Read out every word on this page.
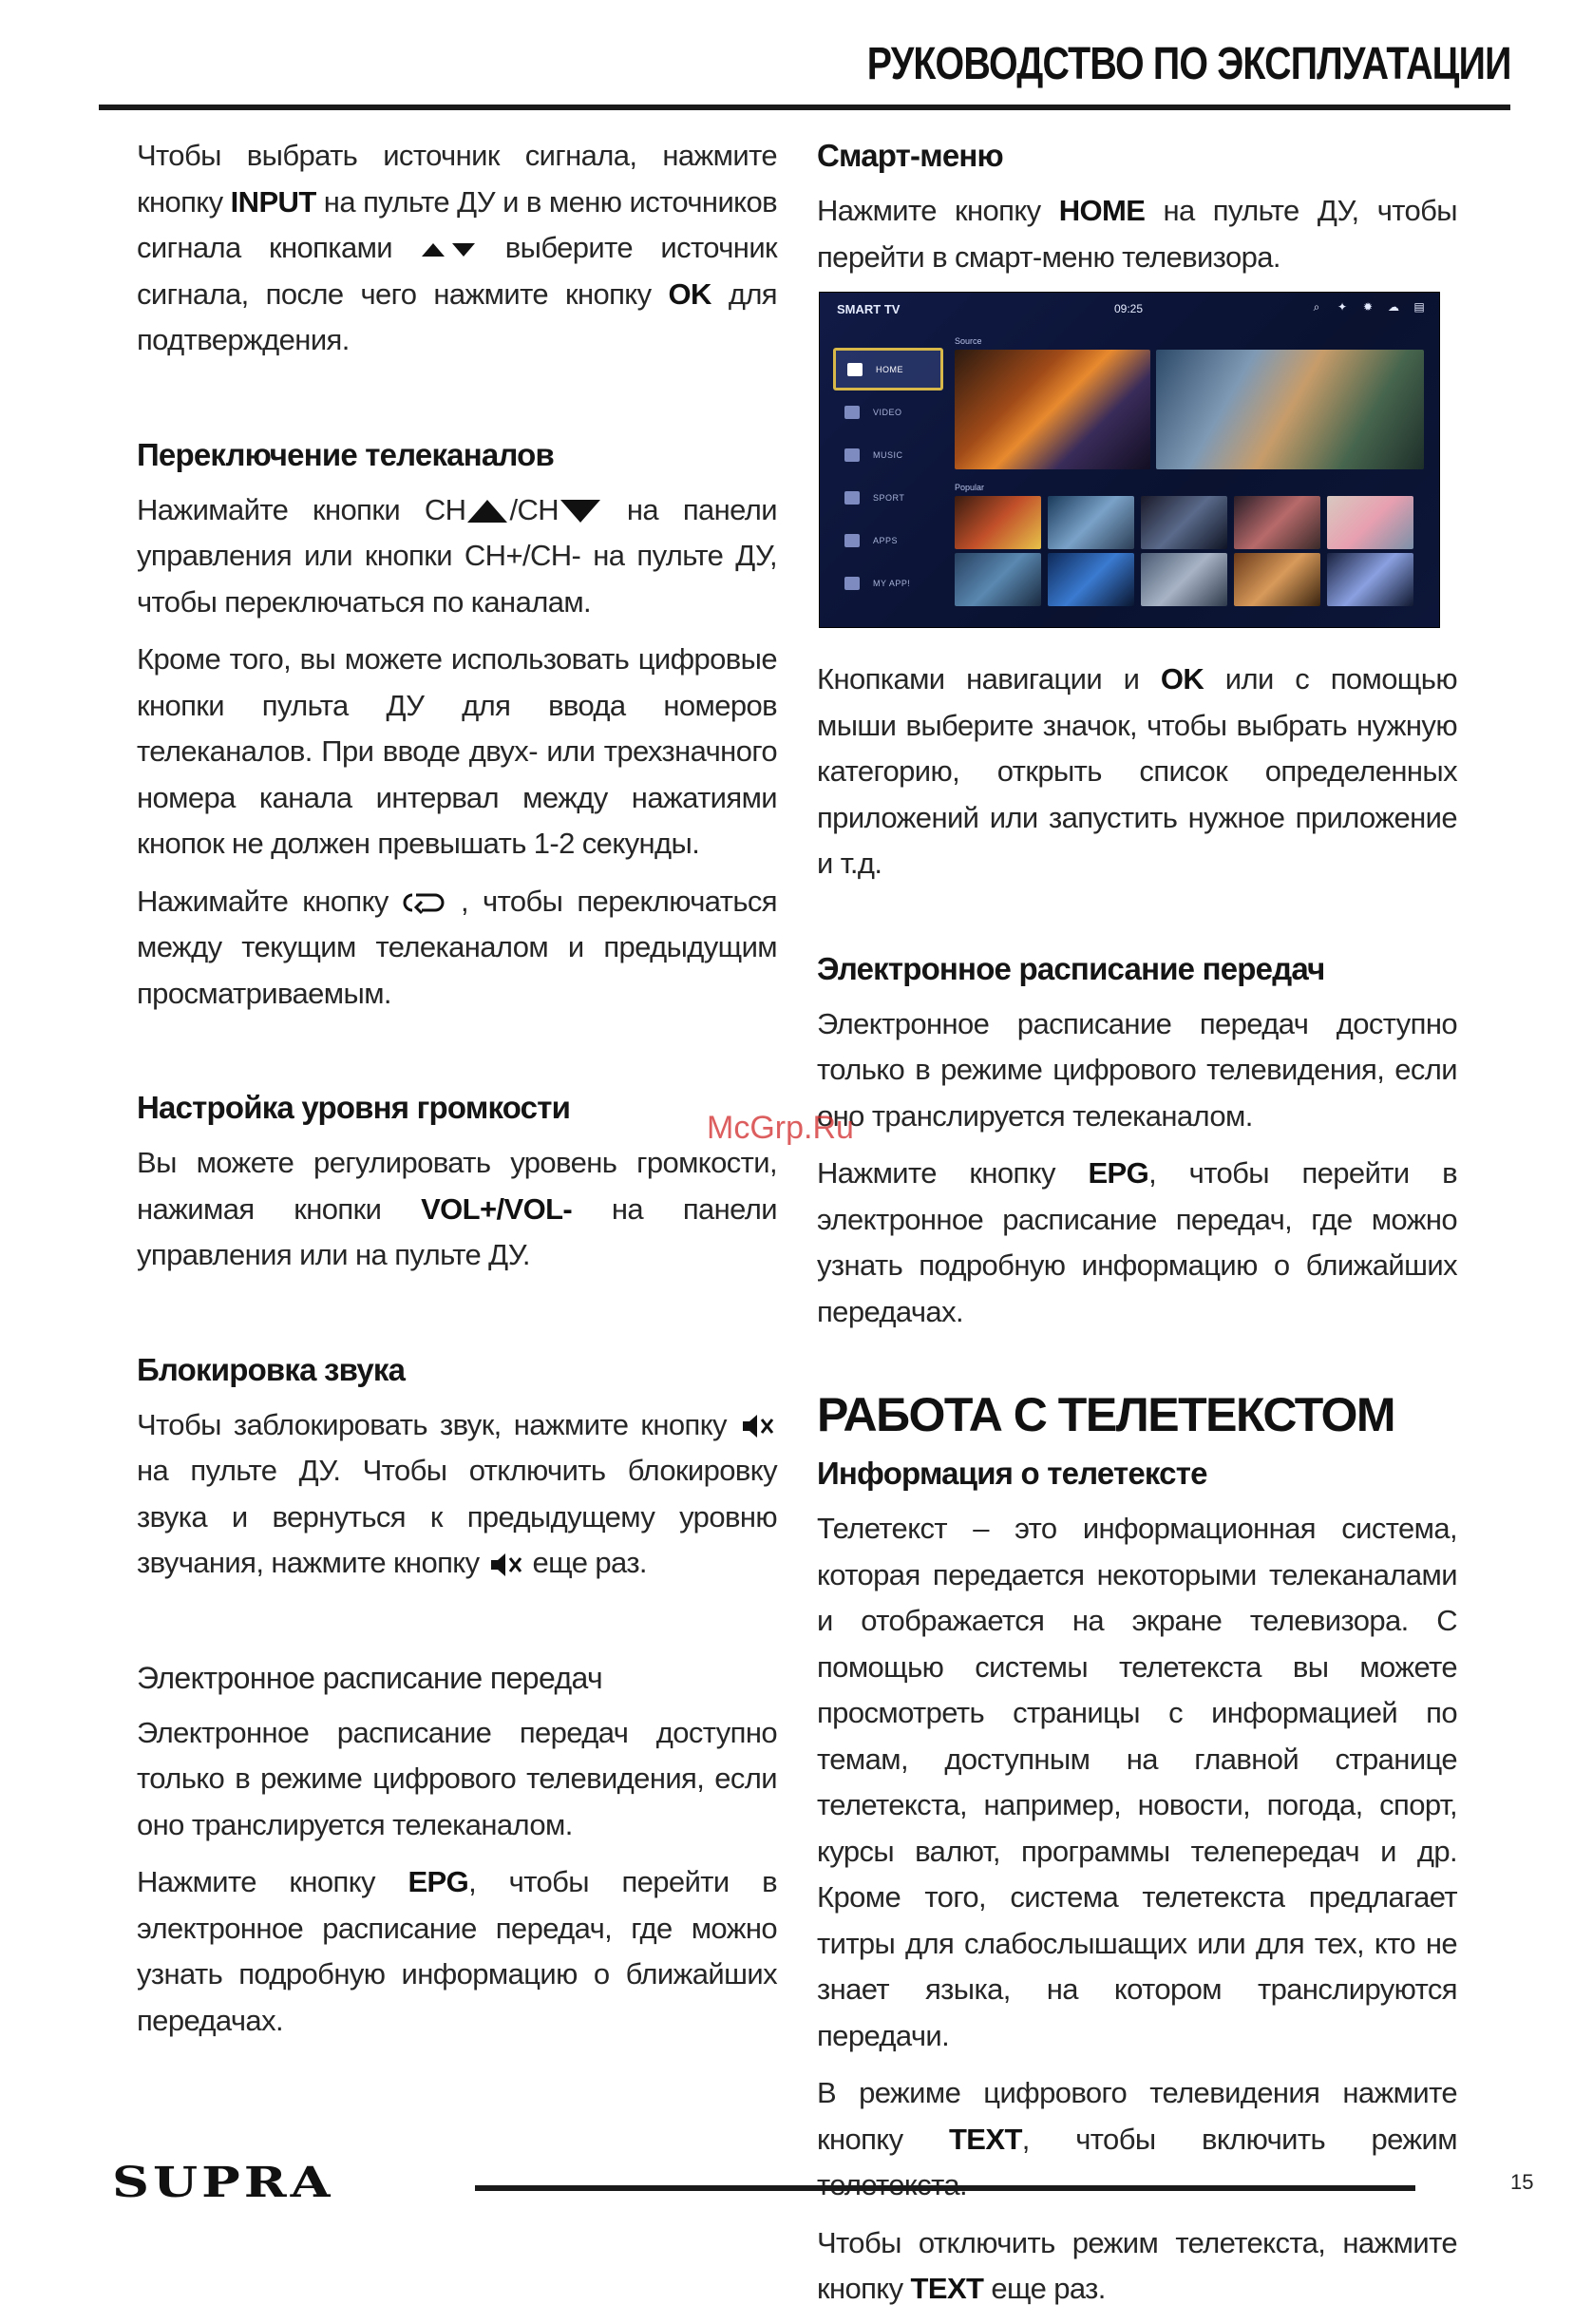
РУКОВОДСТВО ПО ЭКСПЛУАТАЦИИ

Чтобы выбрать источник сигнала, нажмите кнопку INPUT на пульте ДУ и в меню источников сигнала кнопками	выберите источник сигнала, после чего нажмите кнопку OK для подтверждения.

Переключение телеканалов

Нажимайте кнопки СН /СН на панели управления или кнопки CH+/CH- на пульте ДУ, чтобы переключаться по каналам.

Кроме того, вы можете использовать цифровые кнопки пульта ДУ для ввода номеров телеканалов. При вводе двух- или трехзначного номера канала интервал между нажатиями кнопок не должен превышать 1-2 секунды.

Нажимайте кнопку  , чтобы переключаться между текущим телеканалом и предыдущим просматриваемым.

Настройка уровня громкости

Вы можете регулировать уровень громкости, нажимая кнопки VOL+/VOL- на панели управления или на пульте ДУ.

Блокировка звука

Чтобы заблокировать звук, нажмите кнопку  на пульте ДУ. Чтобы отключить блокировку звука и вернуться к предыдущему уровню звучания, нажмите кнопку  еще раз.

Электронное расписание передач

Электронное расписание передач доступно только в режиме цифрового телевидения, если оно транслируется телеканалом.

Нажмите кнопку EPG, чтобы перейти в электронное расписание передач, где можно узнать подробную информацию о ближайших передачах.

Смарт-меню

Нажмите кнопку HOME на пульте ДУ, чтобы перейти в смарт-меню телевизора.

SMART TV	09:25	⌕	✦ ✹ ☁ ▤
HOME
VIDEO
MUSIC
SPORT
APPS
MY APP!
Source
Popular

Кнопками навигации и OK или с помощью мыши выберите значок, чтобы выбрать нужную категорию, открыть список определенных приложений или запустить нужное приложение и т.д.

Электронное расписание передач

Электронное расписание передач доступно только в режиме цифрового телевидения, если оно транслируется телеканалом.

Нажмите кнопку EPG, чтобы перейти в электронное расписание передач, где можно узнать подробную информацию о ближайших передачах.

РАБОТА С ТЕЛЕТЕКСТОМ
Информация о телетексте

Телетекст – это информационная система, которая передается некоторыми телеканалами и отображается на экране телевизора. С помощью системы телетекста вы можете просмотреть страницы с информацией по темам, доступным на главной странице телетекста, например, новости, погода, спорт, курсы валют, программы телепередач и др. Кроме того, система телетекста предлагает титры для слабослышащих или для тех, кто не знает языка, на котором транслируются передачи.

В режиме цифрового телевидения нажмите кнопку TEXT, чтобы включить режим

Чтобы отключить режим телетекста, нажмите кнопку TEXT еще раз.

McGrp.Ru
SUPRA	15
